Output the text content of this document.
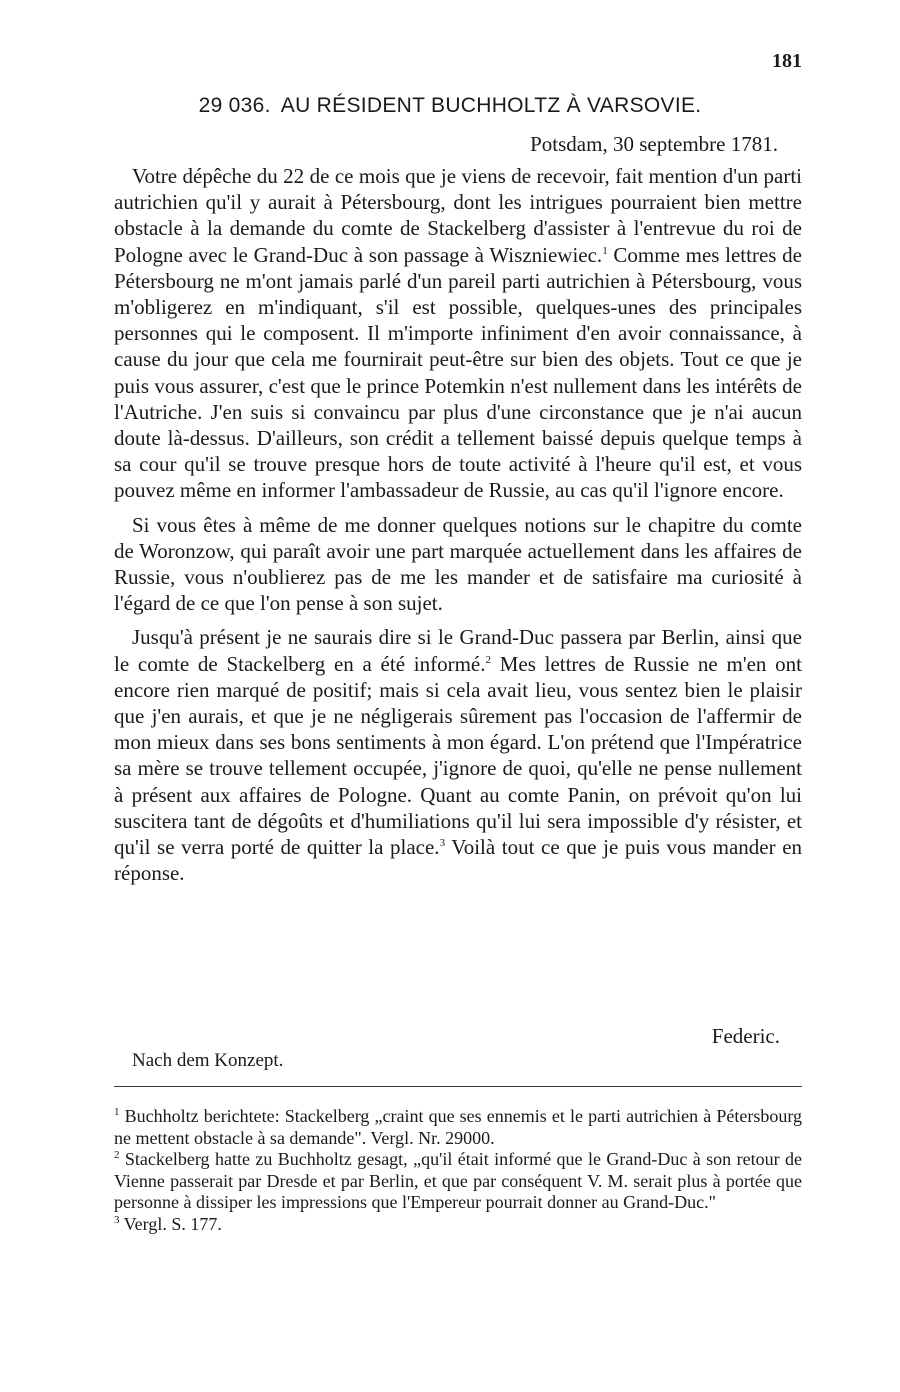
181
29 036. AU RÉSIDENT BUCHHOLTZ À VARSOVIE.
Potsdam, 30 septembre 1781.

Votre dépêche du 22 de ce mois que je viens de recevoir, fait mention d'un parti autrichien qu'il y aurait à Pétersbourg, dont les intrigues pourraient bien mettre obstacle à la demande du comte de Stackelberg d'assister à l'entrevue du roi de Pologne avec le Grand-Duc à son passage à Wiszniewiec.$^1$ Comme mes lettres de Pétersbourg ne m'ont jamais parlé d'un pareil parti autrichien à Pétersbourg, vous m'obligerez en m'indiquant, s'il est possible, quelques-unes des principales personnes qui le composent. Il m'importe infiniment d'en avoir connaissance, à cause du jour que cela me fournirait peut-être sur bien des objets. Tout ce que je puis vous assurer, c'est que le prince Potemkin n'est nullement dans les intérêts de l'Autriche. J'en suis si convaincu par plus d'une circonstance que je n'ai aucun doute là-dessus. D'ailleurs, son crédit a tellement baissé depuis quelque temps à sa cour qu'il se trouve presque hors de toute activité à l'heure qu'il est, et vous pouvez même en informer l'ambassadeur de Russie, au cas qu'il l'ignore encore.

Si vous êtes à même de me donner quelques notions sur le chapitre du comte de Woronzow, qui paraît avoir une part marquée actuellement dans les affaires de Russie, vous n'oublierez pas de me les mander et de satisfaire ma curiosité à l'égard de ce que l'on pense à son sujet.

Jusqu'à présent je ne saurais dire si le Grand-Duc passera par Berlin, ainsi que le comte de Stackelberg en a été informé.$^2$ Mes lettres de Russie ne m'en ont encore rien marqué de positif; mais si cela avait lieu, vous sentez bien le plaisir que j'en aurais, et que je ne négligerais sûrement pas l'occasion de l'affermir de mon mieux dans ses bons sentiments à mon égard. L'on prétend que l'Impératrice sa mère se trouve tellement occupée, j'ignore de quoi, qu'elle ne pense nullement à présent aux affaires de Pologne. Quant au comte Panin, on prévoit qu'on lui suscitera tant de dégoûts et d'humiliations qu'il lui sera impossible d'y résister, et qu'il se verra porté de quitter la place.$^3$ Voilà tout ce que je puis vous mander en réponse.

Federic.
Nach dem Konzept.

$^1$ Buchholtz berichtete: Stackelberg „craint que ses ennemis et le parti autrichien à Pétersbourg ne mettent obstacle à sa demande". Vergl. Nr. 29000.

$^2$ Stackelberg hatte zu Buchholtz gesagt, „qu'il était informé que le Grand-Duc à son retour de Vienne passerait par Dresde et par Berlin, et que par conséquent V. M. serait plus à portée que personne à dissiper les impressions que l'Empereur pourrait donner au Grand-Duc."

$^3$ Vergl. S. 177.
